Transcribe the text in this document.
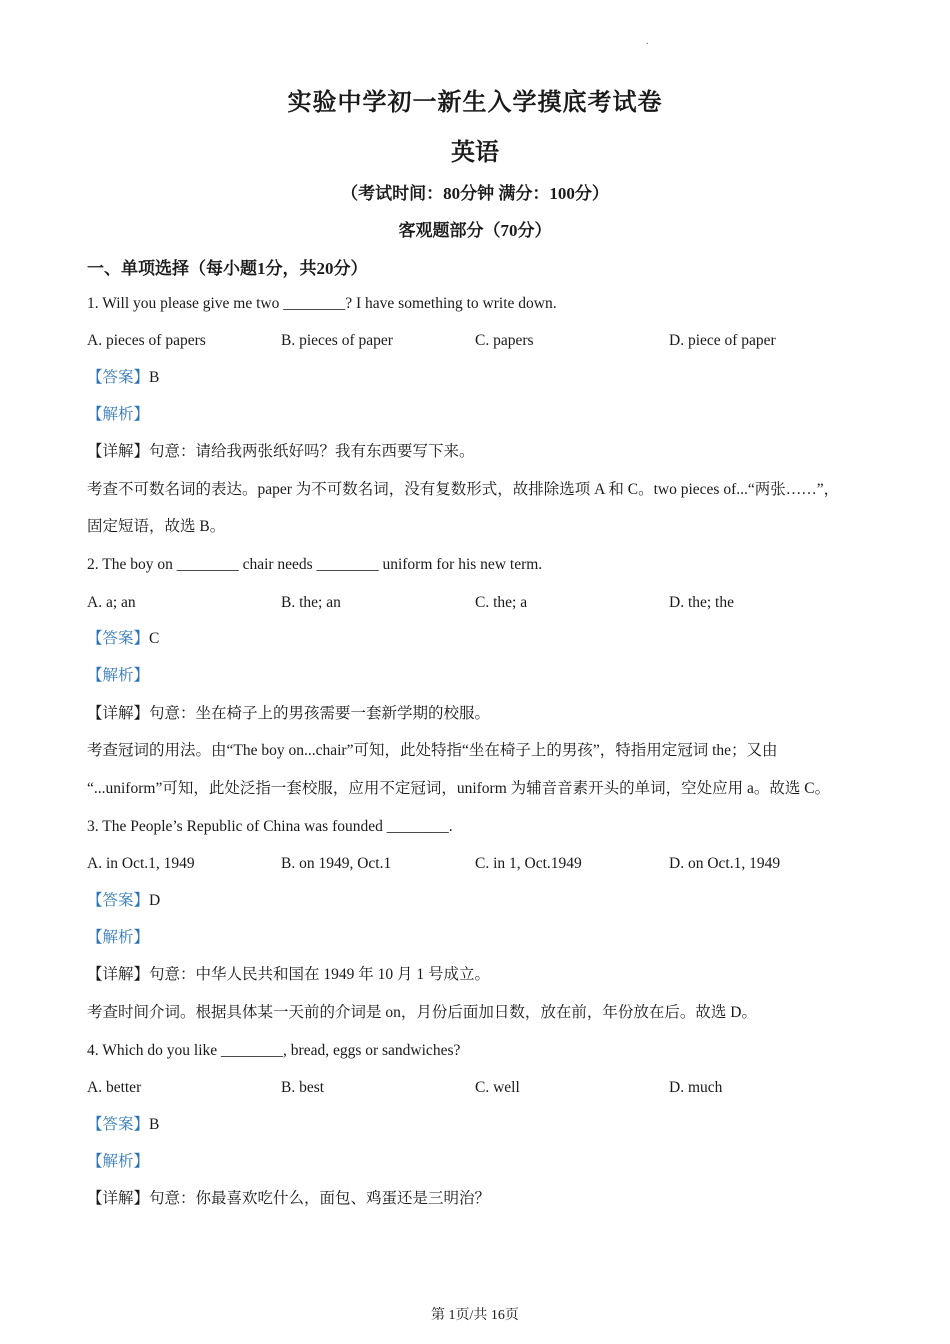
.
实验中学初一新生入学摸底考试卷
英语
（考试时间：80分钟 满分：100分）
客观题部分（70分）
一、单项选择（每小题1分，共20分）
1. Will you please give me two ________? I have something to write down.
A. pieces of papers	B. pieces of paper	C. papers	D. piece of paper
【答案】B
【解析】
【详解】句意：请给我两张纸好吗？我有东西要写下来。
考查不可数名词的表达。paper 为不可数名词，没有复数形式，故排除选项 A 和 C。two pieces of...“两张……”，
固定短语，故选 B。
2. The boy on ________ chair needs ________ uniform for his new term.
A. a; an	B. the; an	C. the; a	D. the; the
【答案】C
【解析】
【详解】句意：坐在椅子上的男孩需要一套新学期的校服。
考查冠词的用法。由“The boy on...chair”可知，此处特指“坐在椅子上的男孩”，特指用定冠词 the；又由
“...uniform”可知，此处泛指一套校服，应用不定冠词，uniform 为辅音音素开头的单词，空处应用 a。故选 C。
3. The People’s Republic of China was founded ________.
A. in Oct.1, 1949	B. on 1949, Oct.1	C. in 1, Oct.1949	D. on Oct.1, 1949
【答案】D
【解析】
【详解】句意：中华人民共和国在 1949 年 10 月 1 号成立。
考查时间介词。根据具体某一天前的介词是 on，月份后面加日数，放在前，年份放在后。故选 D。
4. Which do you like ________, bread, eggs or sandwiches?
A. better	B. best	C. well	D. much
【答案】B
【解析】
【详解】句意：你最喜欢吃什么，面包、鸡蛋还是三明治？
第 1页/共 16页
